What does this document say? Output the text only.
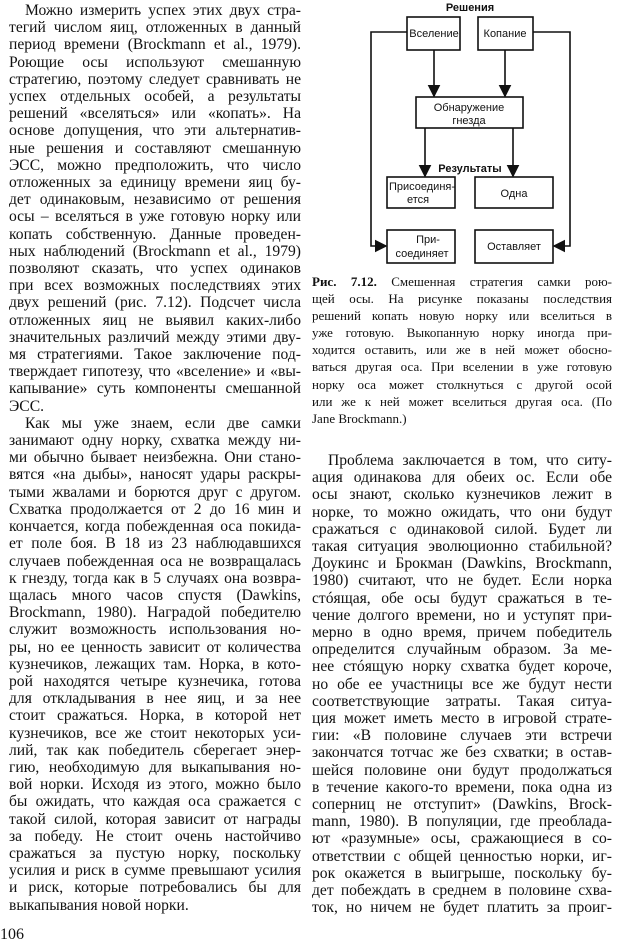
Можно измерить успех этих двух стра-
тегий числом яиц, отложенных в данный
период времени (Brockmann et al., 1979).
Роющие осы используют смешанную
стратегию, поэтому следует сравнивать не
успех отдельных особей, а результаты
решений «вселяться» или «копать». На
основе допущения, что эти альтернатив-
ные решения и составляют смешанную
ЭСС, можно предположить, что число
отложенных за единицу времени яиц бу-
дет одинаковым, независимо от решения
осы – вселяться в уже готовую норку или
копать собственную. Данные проведен-
ных наблюдений (Brockmann et al., 1979)
позволяют сказать, что успех одинаков
при всех возможных последствиях этих
двух решений (рис. 7.12). Подсчет числа
отложенных яиц не выявил каких-либо
значительных различий между этими дву-
мя стратегиями. Такое заключение под-
тверждает гипотезу, что «вселение» и «вы-
капывание» суть компоненты смешанной
ЭСС.
Как мы уже знаем, если две самки
занимают одну норку, схватка между ни-
ми обычно бывает неизбежна. Они стано-
вятся «на дыбы», наносят удары раскры-
тыми жвалами и борются друг с другом.
Схватка продолжается от 2 до 16 мин и
кончается, когда побежденная оса покида-
ет поле боя. В 18 из 23 наблюдавшихся
случаев побежденная оса не возвращалась
к гнезду, тогда как в 5 случаях она возвра-
щалась много часов спустя (Dawkins,
Brockmann, 1980). Наградой победителю
служит возможность использования но-
ры, но ее ценность зависит от количества
кузнечиков, лежащих там. Норка, в кото-
рой находятся четыре кузнечика, готова
для откладывания в нее яиц, и за нее
стоит сражаться. Норка, в которой нет
кузнечиков, все же стоит некоторых уси-
лий, так как победитель сберегает энер-
гию, необходимую для выкапывания но-
вой норки. Исходя из этого, можно было
бы ожидать, что каждая оса сражается с
такой силой, которая зависит от награды
за победу. Не стоит очень настойчиво
сражаться за пустую норку, поскольку
усилия и риск в сумме превышают усилия
и риск, которые потребовались бы для
выкапывания новой норки.
Проблема заключается в том, что ситу-
ация одинакова для обеих ос. Если обе
осы знают, сколько кузнечиков лежит в
норке, то можно ожидать, что они будут
сражаться с одинаковой силой. Будет ли
такая ситуация эволюционно стабильной?
Доукинс и Брокман (Dawkins, Brockmann,
1980) считают, что не будет. Если норка
стóящая, обе осы будут сражаться в те-
чение долгого времени, но и уступят при-
мерно в одно время, причем победитель
определится случайным образом. За ме-
нее стóящую норку схватка будет короче,
но обе ее участницы все же будут нести
соответствующие затраты. Такая ситуа-
ция может иметь место в игровой страте-
гии: «В половине случаев эти встречи
закончатся тотчас же без схватки; в остав-
шейся половине они будут продолжаться
в течение какого-то времени, пока одна из
соперниц не отступит» (Dawkins, Brock-
mann, 1980). В популяции, где преоблада-
ют «разумные» осы, сражающиеся в со-
ответствии с общей ценностью норки, иг-
рок окажется в выигрыше, поскольку бу-
дет побеждать в среднем в половине схва-
ток, но ничем не будет платить за проиг-
Решения
Вселение Копание
Обнаружение
гнезда
Результаты
Присоединя-
ется	Одна
При-
соединяет
Оставляет
Рис. 7.12. Смешенная стратегия самки рою-
щей осы. На рисунке показаны последствия
решений копать новую норку или вселиться в
уже готовую. Выкопанную норку иногда при-
ходится оставить, или же в ней может обосно-
ваться другая оса. При вселении в уже готовую
норку оса может столкнуться с другой осой
или же к ней может вселиться другая оса. (По
Jane Brockmann.)
106
